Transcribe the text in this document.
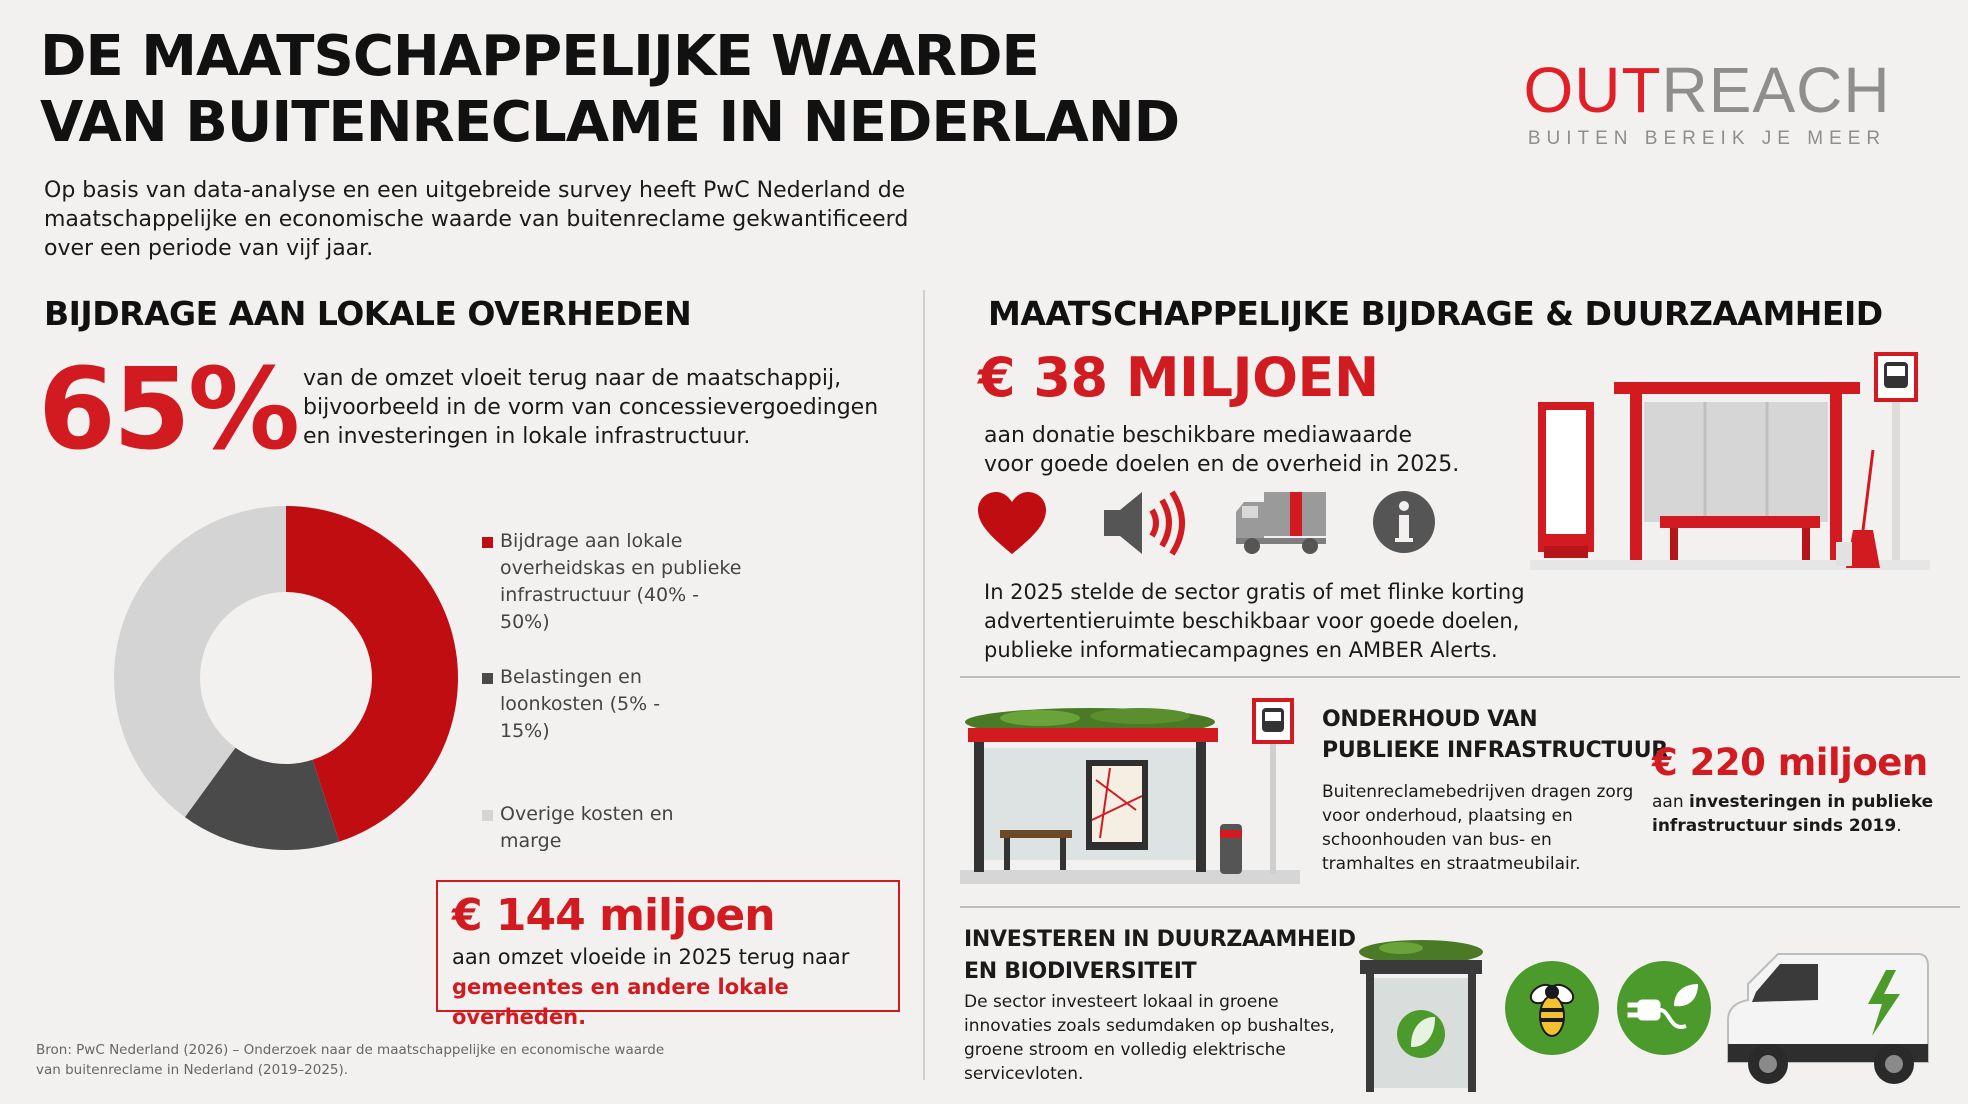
DE MAATSCHAPPELIJKE WAARDE
VAN BUITENRECLAME IN NEDERLAND	OUTREACH
BUITEN BEREIK JE MEER
Op basis van data-analyse en een uitgebreide survey heeft PwC Nederland de maatschappelijke en economische waarde van buitenreclame gekwantificeerd over een periode van vijf jaar.
BIJDRAGE AAN LOKALE OVERHEDEN
65% van de omzet vloeit terug naar de maatschappij, bijvoorbeeld in de vorm van concessievergoedingen en investeringen in lokale infrastructuur.
Bijdrage aan lokale overheidskas en publieke infrastructuur (40% - 50%)
Belastingen en loonkosten (5% - 15%)
Overige kosten en marge
€ 144 miljoen
aan omzet vloeide in 2025 terug naar
gemeentes en andere lokale overheden.
Bron: PwC Nederland (2026) – Onderzoek naar de maatschappelijke en economische waarde van buitenreclame in Nederland (2019–2025).
MAATSCHAPPELIJKE BIJDRAGE & DUURZAAMHEID
€ 38 MILJOEN
aan donatie beschikbare mediawaarde voor goede doelen en de overheid in 2025.
In 2025 stelde de sector gratis of met flinke korting advertentieruimte beschikbaar voor goede doelen, publieke informatiecampagnes en AMBER Alerts.
ONDERHOUD VAN
PUBLIEKE INFRASTRUCTUUR
Buitenreclamebedrijven dragen zorg voor onderhoud, plaatsing en schoonhouden van bus- en tramhaltes en straatmeubilair.
€ 220 miljoen
aan investeringen in publieke infrastructuur sinds 2019.
INVESTEREN IN DUURZAAMHEID
EN BIODIVERSITEIT
De sector investeert lokaal in groene innovaties zoals sedumdaken op bushaltes, groene stroom en volledig elektrische servicevloten.
